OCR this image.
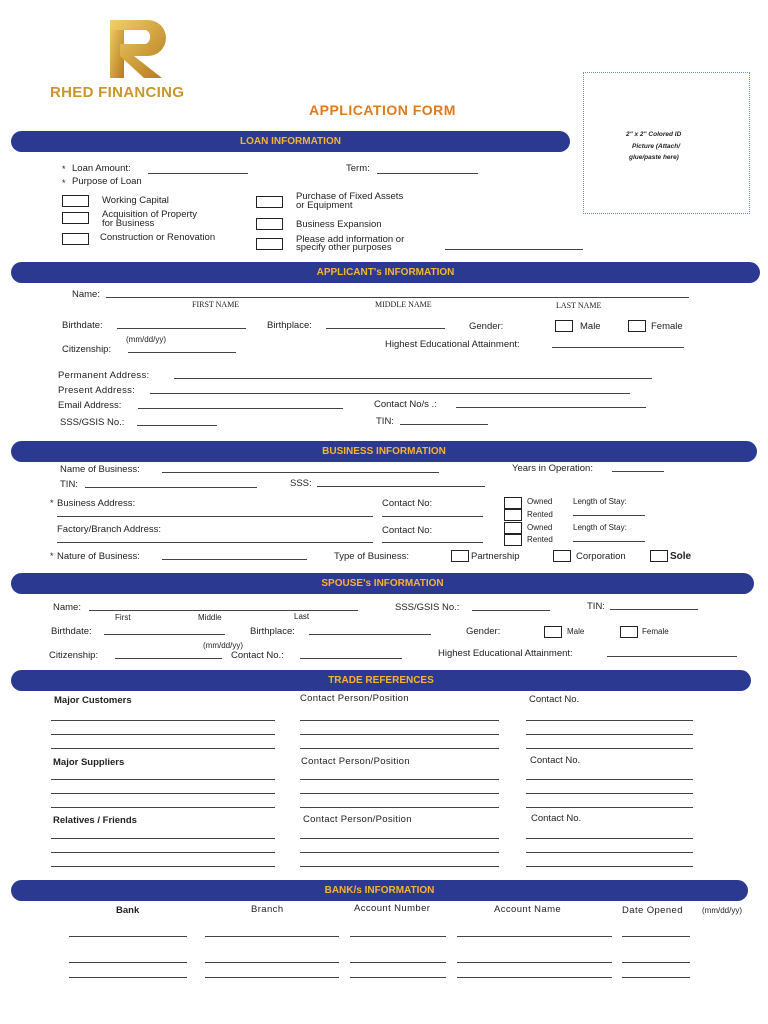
RHED FINANCING
APPLICATION FORM
2" x 2" Colored ID
Picture (Attach/
glue/paste here)
LOAN INFORMATION
* Loan Amount:	Term:
* Purpose of Loan
Working Capital
Acquisition of Property
for Business
Construction or Renovation
Purchase of Fixed Assets
or Equipment
Business Expansion
Please add information or
specify other purposes
APPLICANT's INFORMATION
Name:
FIRST NAME	MIDDLE NAME	LAST NAME
Birthdate:
(mm/dd/yy)
Birthplace:	Gender:	Male	Female
Citizenship:	Highest Educational Attainment:
Permanent Address:
Present Address:
Email Address:	Contact No/s .:
SSS/GSIS No.:	TIN:
BUSINESS INFORMATION
Name of Business:	Years in Operation:
TIN:	SSS:
* Business Address:	Contact No:	Owned
Rented
Length of Stay:
Factory/Branch Address:	Contact No:	Owned
Rented
Length of Stay:
* Nature of Business:	Type of Business:	Partnership	Corporation	Sole
SPOUSE's INFORMATION
Name:
First	Middle	Last
SSS/GSIS No.:	TIN:
Birthdate:	Birthplace:	Gender:	Male	Female
(mm/dd/yy)
Citizenship:	Contact No.:	Highest Educational Attainment:
TRADE REFERENCES
Major Customers	Contact Person/Position	Contact No.
Major Suppliers	Contact Person/Position	Contact No.
Relatives / Friends	Contact Person/Position	Contact No.
BANK/s INFORMATION
Bank	Branch	Account Number	Account Name	Date Opened (mm/dd/yy)
